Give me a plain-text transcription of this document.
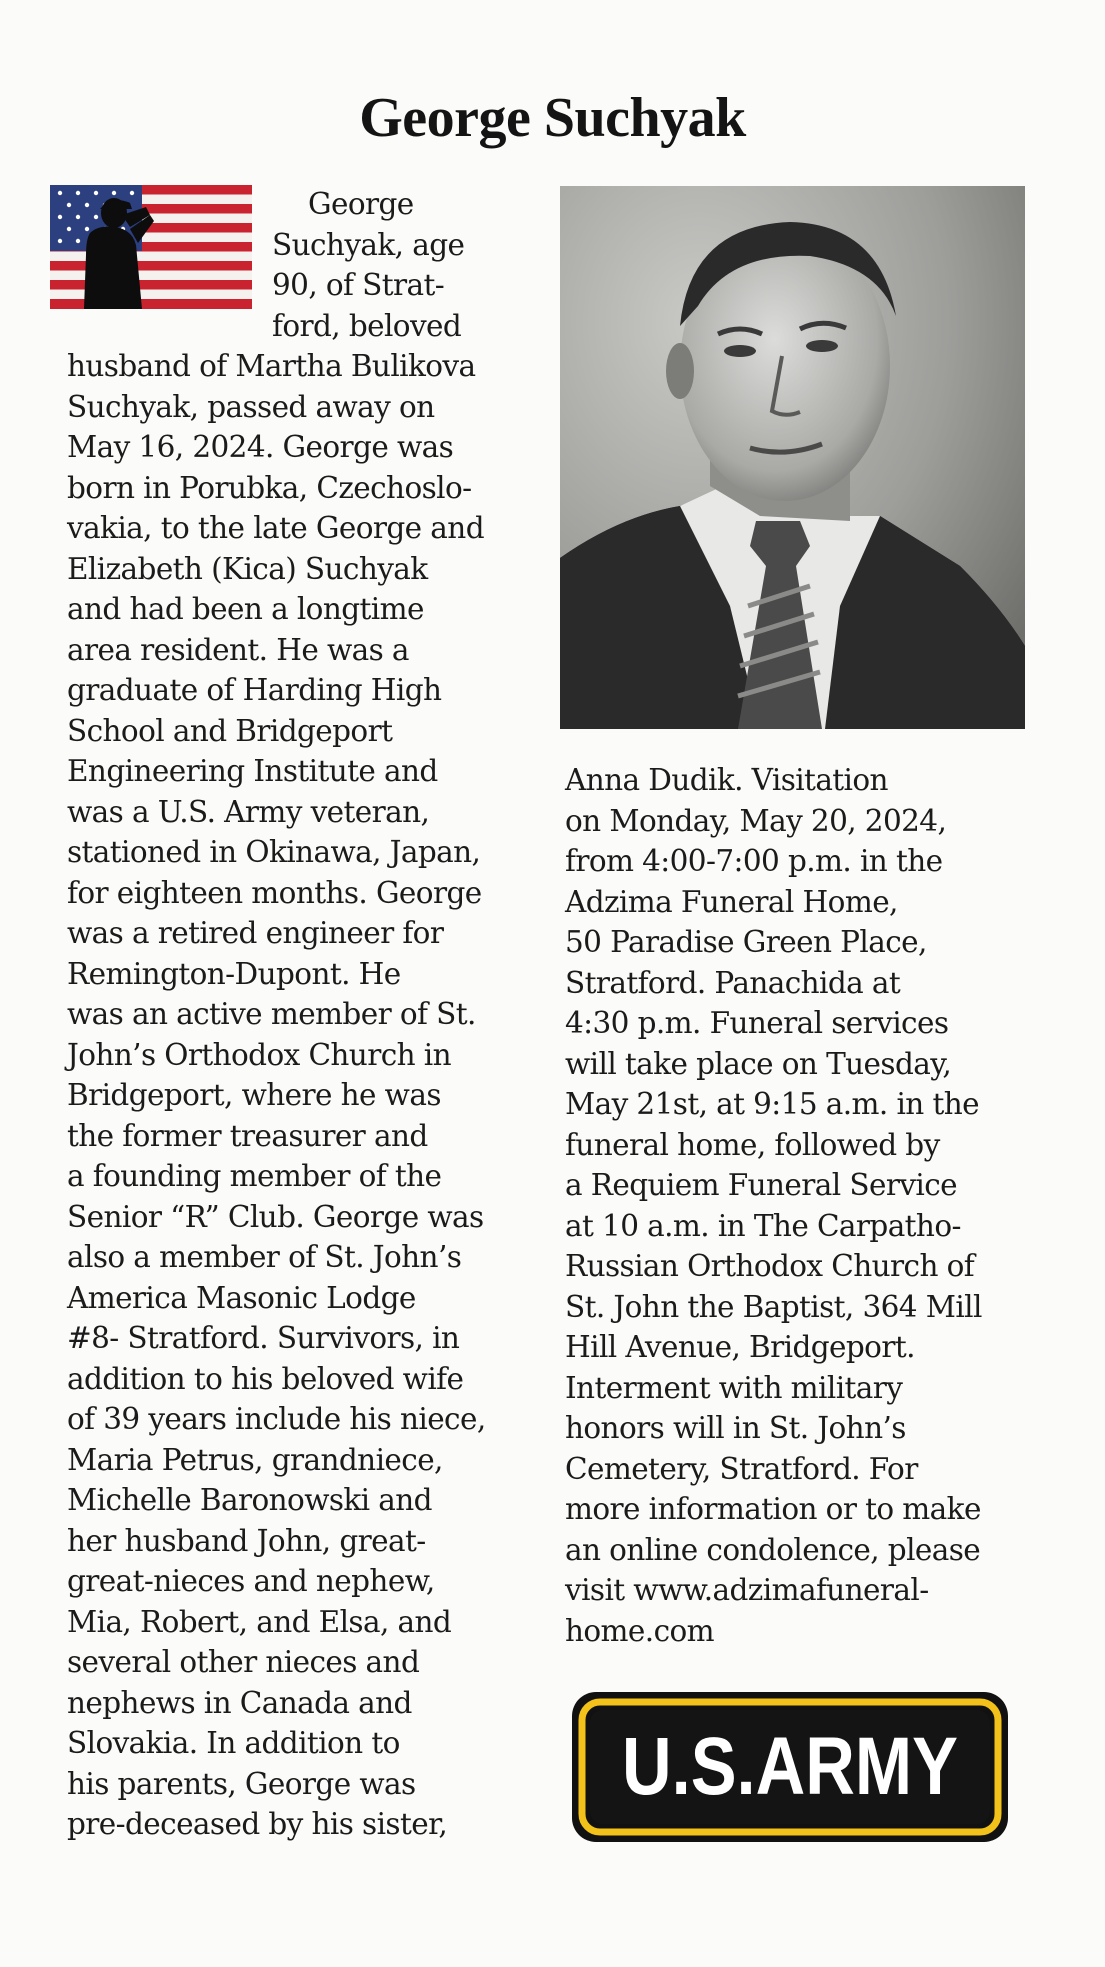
George Suchyak
George
Suchyak, age
90, of Strat-
ford, beloved
husband of Martha Bulikova
Suchyak, passed away on
May 16, 2024. George was
born in Porubka, Czechoslo-
vakia, to the late George and
Elizabeth (Kica) Suchyak
and had been a longtime
area resident. He was a
graduate of Harding High
School and Bridgeport
Engineering Institute and
was a U.S. Army veteran,
stationed in Okinawa, Japan,
for eighteen months. George
was a retired engineer for
Remington-Dupont. He
was an active member of St.
John’s Orthodox Church in
Bridgeport, where he was
the former treasurer and
a founding member of the
Senior “R” Club. George was
also a member of St. John’s
America Masonic Lodge
#8- Stratford. Survivors, in
addition to his beloved wife
of 39 years include his niece,
Maria Petrus, grandniece,
Michelle Baronowski and
her husband John, great-
great-nieces and nephew,
Mia, Robert, and Elsa, and
several other nieces and
nephews in Canada and
Slovakia. In addition to
his parents, George was
pre-deceased by his sister,
Anna Dudik. Visitation
on Monday, May 20, 2024,
from 4:00-7:00 p.m. in the
Adzima Funeral Home,
50 Paradise Green Place,
Stratford. Panachida at
4:30 p.m. Funeral services
will take place on Tuesday,
May 21st, at 9:15 a.m. in the
funeral home, followed by
a Requiem Funeral Service
at 10 a.m. in The Carpatho-
Russian Orthodox Church of
St. John the Baptist, 364 Mill
Hill Avenue, Bridgeport.
Interment with military
honors will in St. John’s
Cemetery, Stratford. For
more information or to make
an online condolence, please
visit www.adzimafuneral-
home.com
U.S.ARMY
